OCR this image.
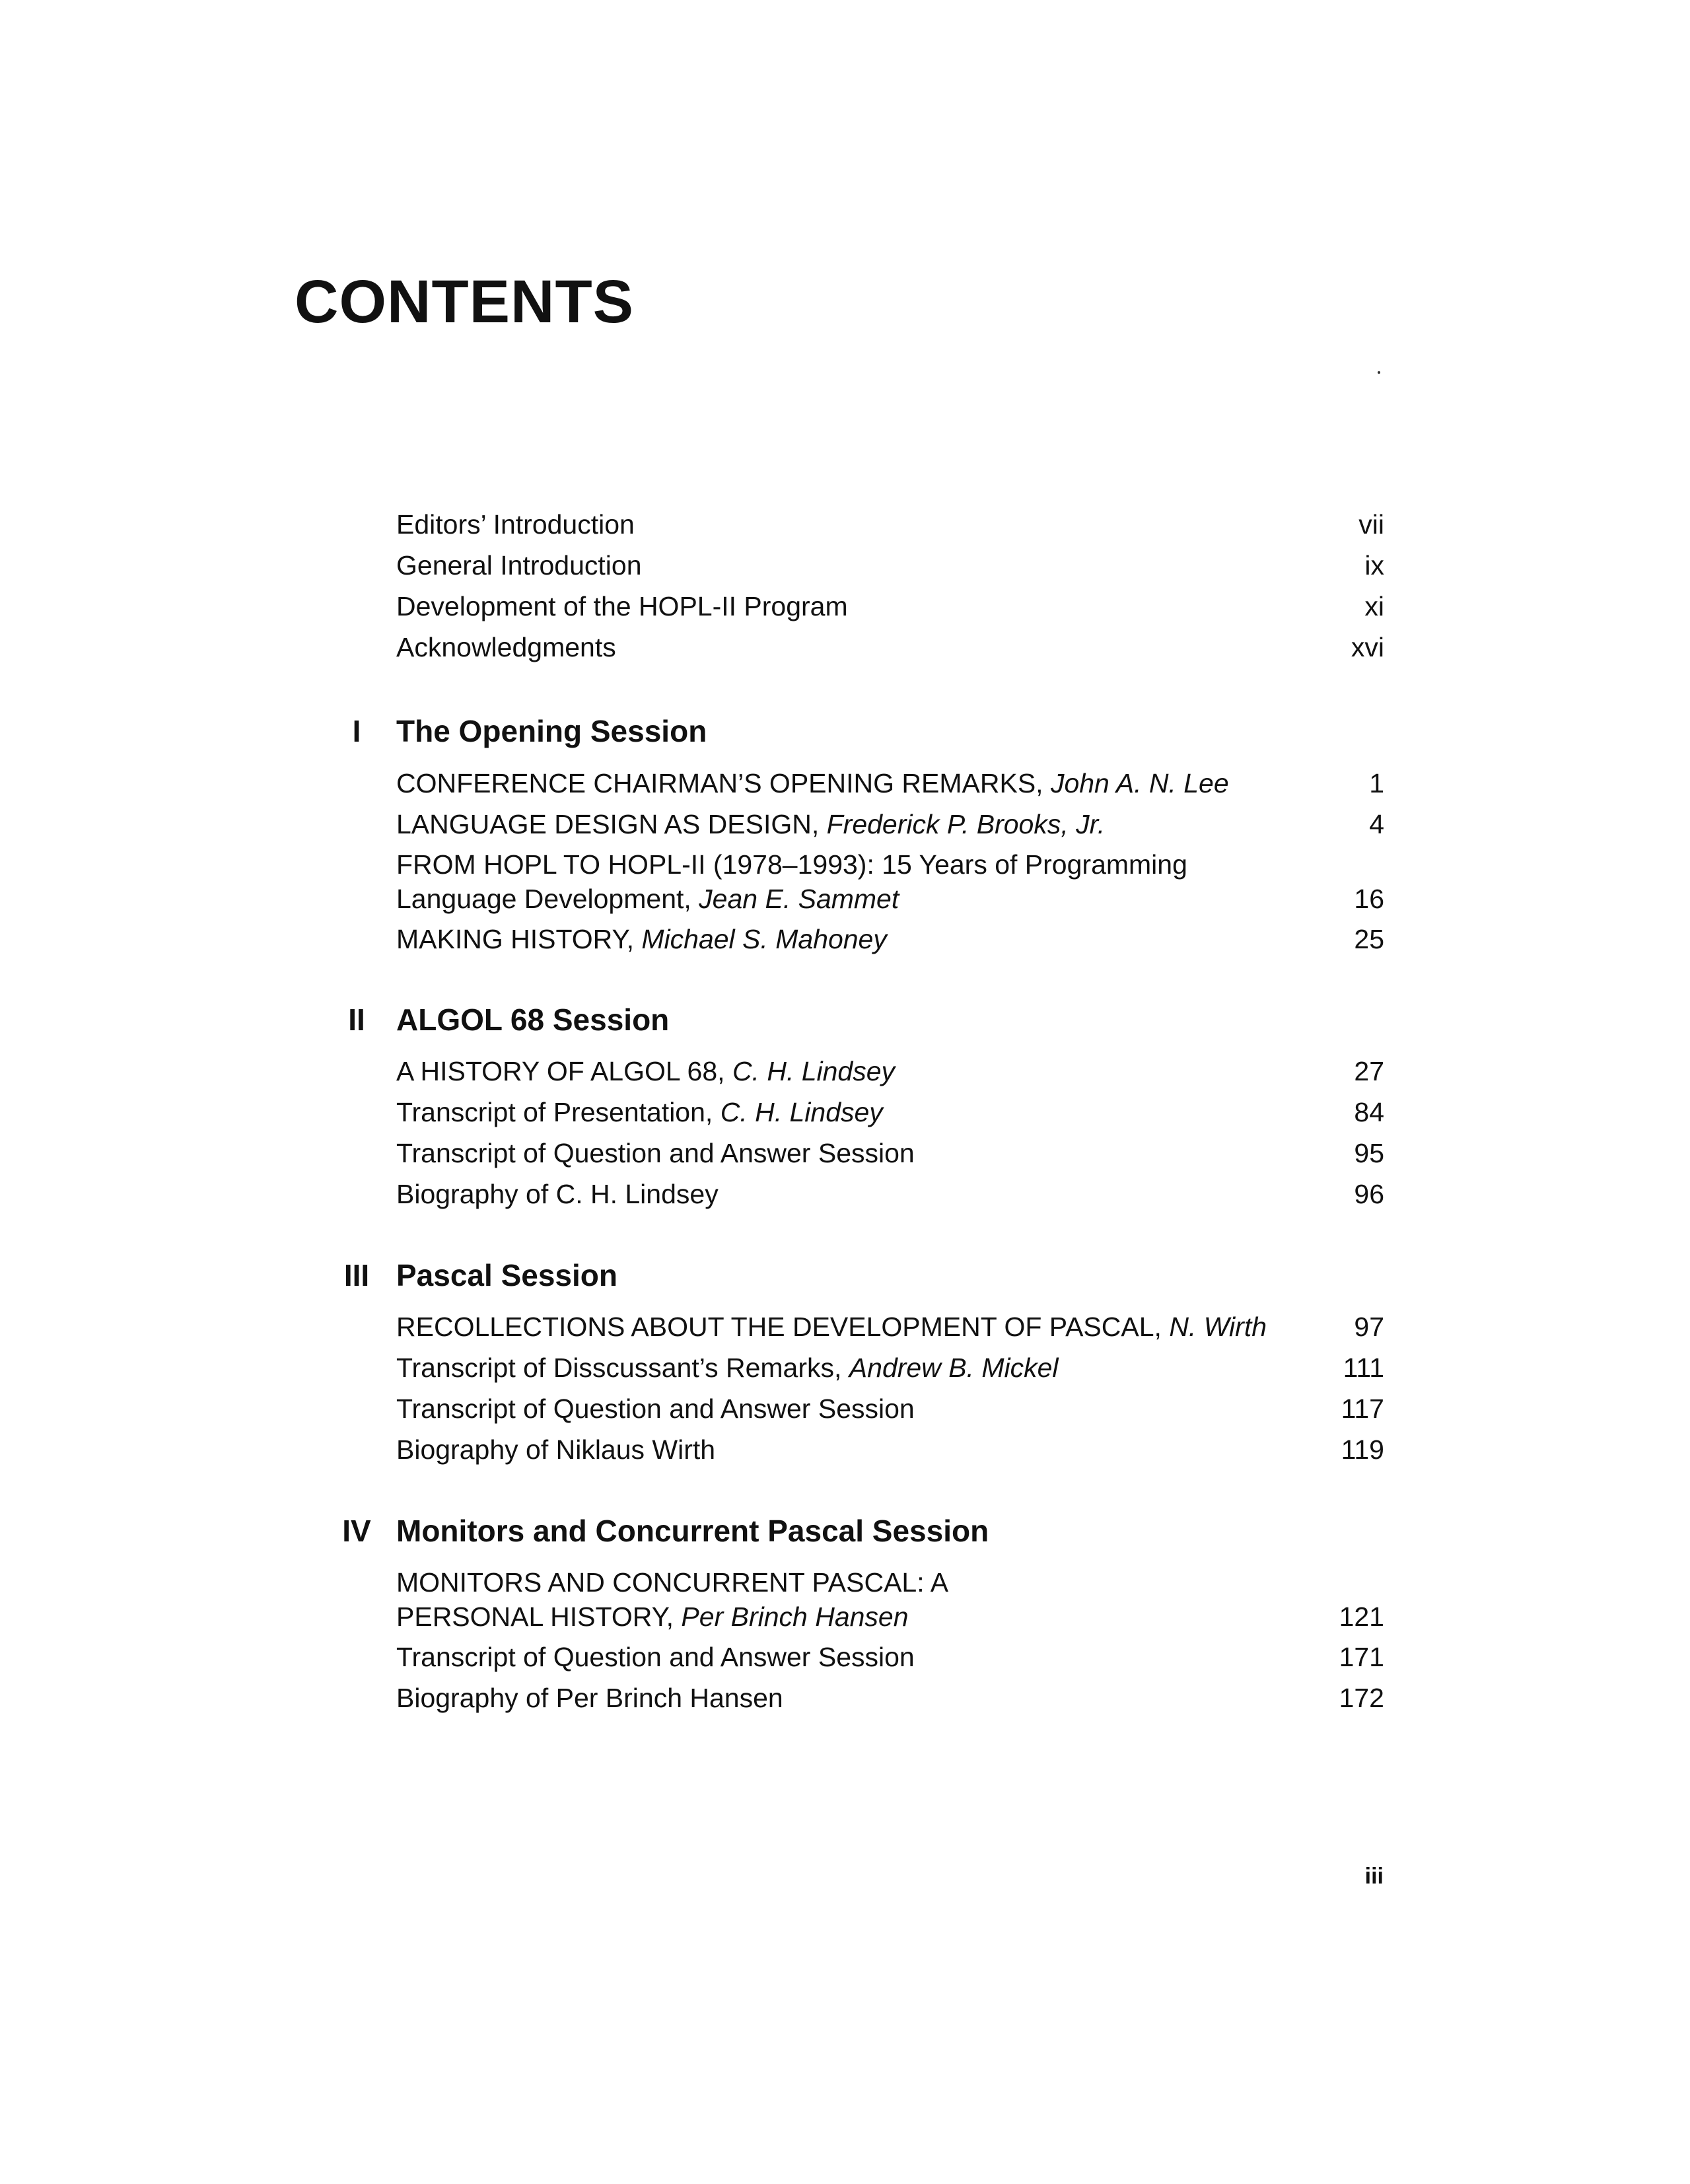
CONTENTS
Editors’ Introduction	vii
General Introduction	ix
Development of the HOPL-II Program	xi
Acknowledgments	xvi
I	The Opening Session
CONFERENCE CHAIRMAN’S OPENING REMARKS, John A. N. Lee	1
LANGUAGE DESIGN AS DESIGN, Frederick P. Brooks, Jr.	4
FROM HOPL TO HOPL-II (1978–1993): 15 Years of Programming Language Development, Jean E. Sammet	16
MAKING HISTORY, Michael S. Mahoney	25
II	ALGOL 68 Session
A HISTORY OF ALGOL 68, C. H. Lindsey	27
Transcript of Presentation, C. H. Lindsey	84
Transcript of Question and Answer Session	95
Biography of C. H. Lindsey	96
III Pascal Session
RECOLLECTIONS ABOUT THE DEVELOPMENT OF PASCAL, N. Wirth	97
Transcript of Disscussant’s Remarks, Andrew B. Mickel	111
Transcript of Question and Answer Session	117
Biography of Niklaus Wirth	119
IV Monitors and Concurrent Pascal Session
MONITORS AND CONCURRENT PASCAL: A PERSONAL HISTORY, Per Brinch Hansen	121
Transcript of Question and Answer Session	171
Biography of Per Brinch Hansen	172
iii
